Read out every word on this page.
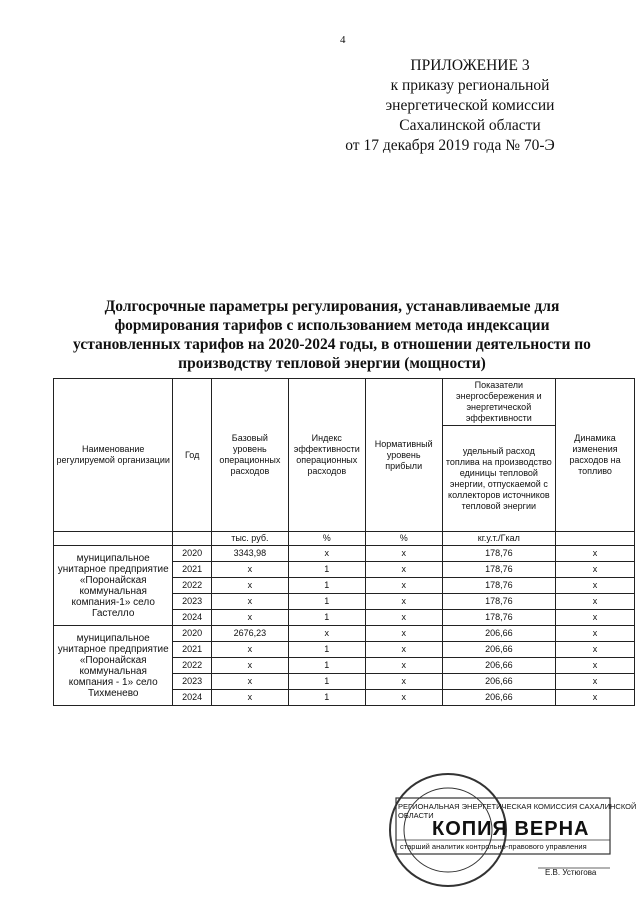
4
ПРИЛОЖЕНИЕ 3
к приказу региональной
энергетической комиссии
Сахалинской области
от 17 декабря 2019 года № 70-Э
Долгосрочные параметры регулирования, устанавливаемые для формирования тарифов с использованием метода индексации установленных тарифов на 2020-2024 годы, в отношении деятельности по производству тепловой энергии (мощности)
Наименование регулируемой организации	Год	Базовый уровень операционных расходов	Индекс эффективности операционных расходов	Нормативный уровень прибыли	Показатели энергосбережения и энергетической эффективности	Динамика изменения расходов на топливо
					удельный расход топлива на производство единицы тепловой энергии, отпускаемой с коллекторов источников тепловой энергии	
		тыс. руб.	%	%	кг.у.т./Гкал	
муниципальное унитарное предприятие «Поронайская коммунальная компания-1» село Гастелло	2020	3343,98	x	x	178,76	x
	2021	x	1	x	178,76	x
	2022	x	1	x	178,76	x
	2023	x	1	x	178,76	x
	2024	x	1	x	178,76	x
муниципальное унитарное предприятие «Поронайская коммунальная компания - 1» село Тихменево	2020	2676,23	x	x	206,66	x
	2021	x	1	x	206,66	x
	2022	x	1	x	206,66	x
	2023	x	1	x	206,66	x
	2024	x	1	x	206,66	x
РЕГИОНАЛЬНАЯ ЭНЕРГЕТИЧЕСКАЯ КОМИССИЯ САХАЛИНСКОЙ ОБЛАСТИ
КОПИЯ ВЕРНА
старший аналитик контрольно-правового управления
Е.В. Устюгова
